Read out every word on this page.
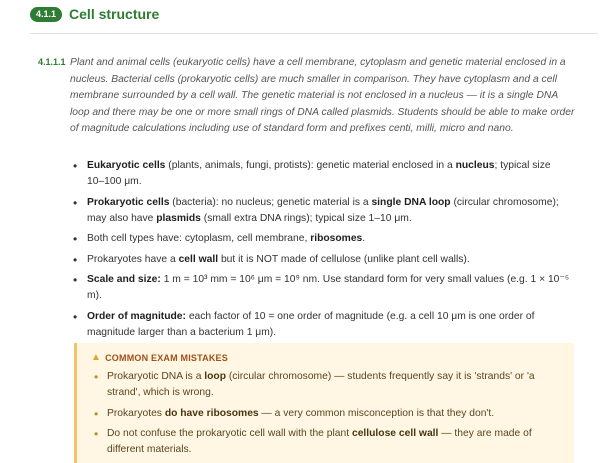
4.1.1 Cell structure
4.1.1.1 Plant and animal cells (eukaryotic cells) have a cell membrane, cytoplasm and genetic material enclosed in a nucleus. Bacterial cells (prokaryotic cells) are much smaller in comparison. They have cytoplasm and a cell membrane surrounded by a cell wall. The genetic material is not enclosed in a nucleus — it is a single DNA loop and there may be one or more small rings of DNA called plasmids. Students should be able to make order of magnitude calculations including use of standard form and prefixes centi, milli, micro and nano.
• Eukaryotic cells (plants, animals, fungi, protists): genetic material enclosed in a nucleus; typical size 10–100 μm.
• Prokaryotic cells (bacteria): no nucleus; genetic material is a single DNA loop (circular chromosome); may also have plasmids (small extra DNA rings); typical size 1–10 μm.
• Both cell types have: cytoplasm, cell membrane, ribosomes.
• Prokaryotes have a cell wall but it is NOT made of cellulose (unlike plant cell walls).
• Scale and size: 1 m = 10³ mm = 10⁶ μm = 10⁹ nm. Use standard form for very small values (e.g. 1 × 10⁻⁵ m).
• Order of magnitude: each factor of 10 = one order of magnitude (e.g. a cell 10 μm is one order of magnitude larger than a bacterium 1 μm).
▲ COMMON EXAM MISTAKES
• Prokaryotic DNA is a loop (circular chromosome) — students frequently say it is 'strands' or 'a strand', which is wrong.
• Prokaryotes do have ribosomes — a very common misconception is that they don't.
• Do not confuse the prokaryotic cell wall with the plant cellulose cell wall — they are made of different materials.
